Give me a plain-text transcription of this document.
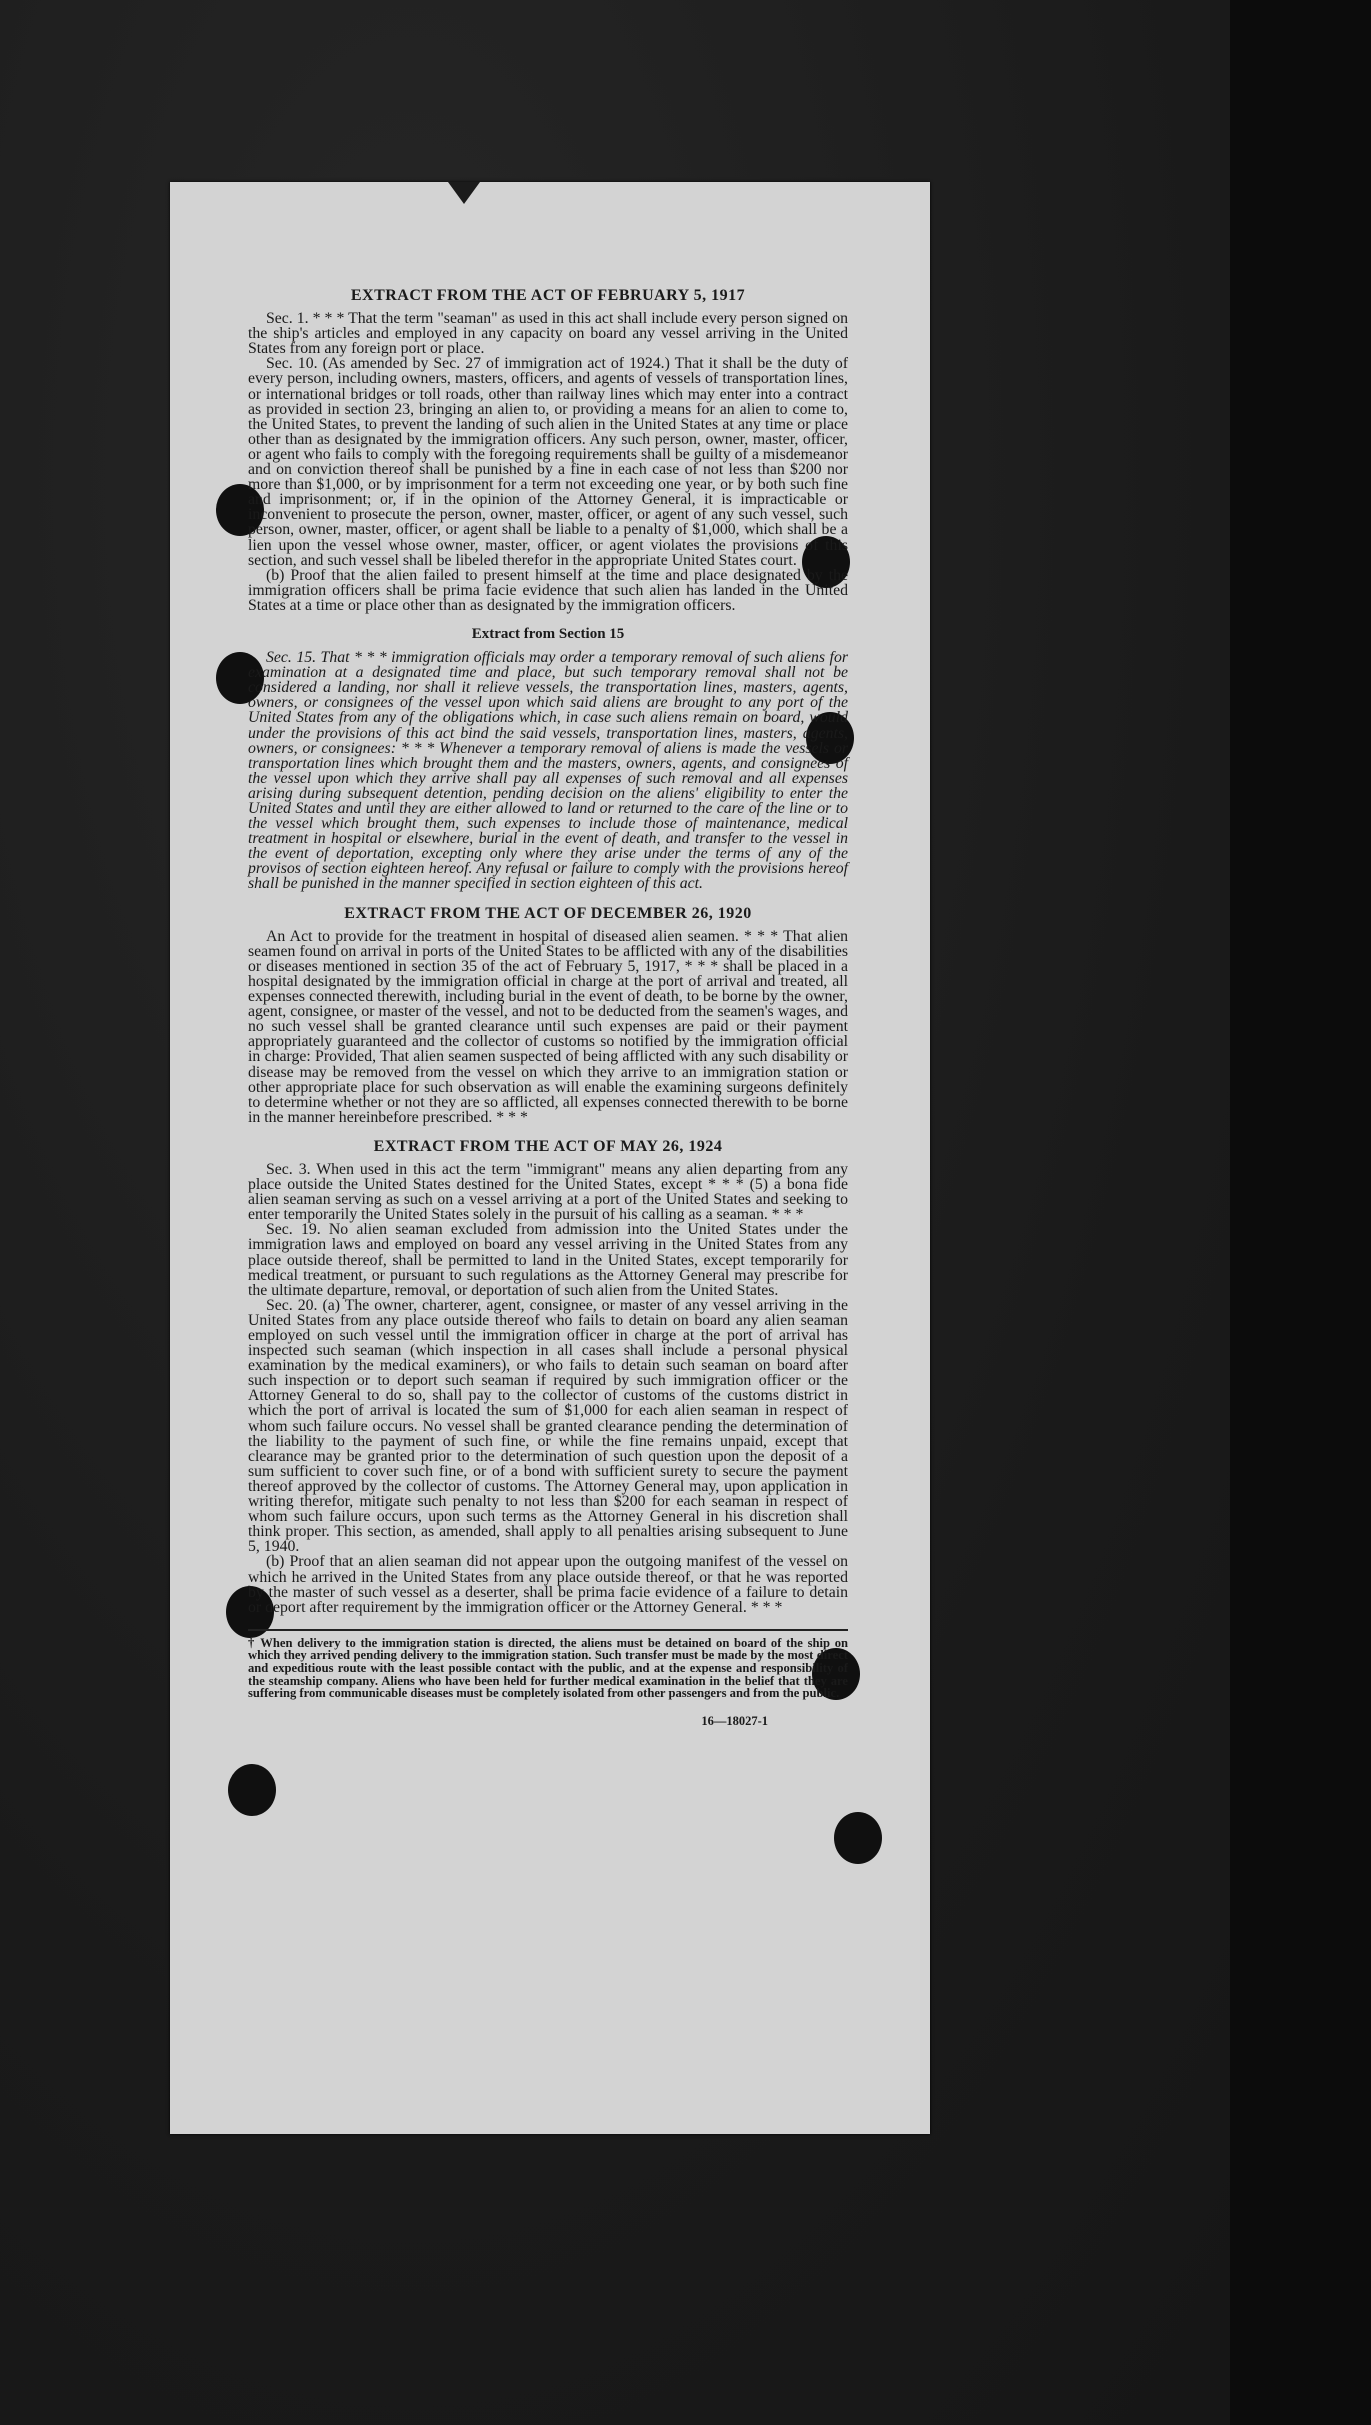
EXTRACT FROM THE ACT OF FEBRUARY 5, 1917

Sec. 1. * * * That the term "seaman" as used in this act shall include every person signed on the ship's articles and employed in any capacity on board any vessel arriving in the United States from any foreign port or place.

Sec. 10. (As amended by Sec. 27 of immigration act of 1924.) That it shall be the duty of every person, including owners, masters, officers, and agents of vessels of transportation lines, or international bridges or toll roads, other than railway lines which may enter into a contract as provided in section 23, bringing an alien to, or providing a means for an alien to come to, the United States, to prevent the landing of such alien in the United States at any time or place other than as designated by the immigration officers. Any such person, owner, master, officer, or agent who fails to comply with the foregoing requirements shall be guilty of a misdemeanor and on conviction thereof shall be punished by a fine in each case of not less than $200 nor more than $1,000, or by imprisonment for a term not exceeding one year, or by both such fine and imprisonment; or, if in the opinion of the Attorney General, it is impracticable or inconvenient to prosecute the person, owner, master, officer, or agent of any such vessel, such person, owner, master, officer, or agent shall be liable to a penalty of $1,000, which shall be a lien upon the vessel whose owner, master, officer, or agent violates the provisions of this section, and such vessel shall be libeled therefor in the appropriate United States court.

(b) Proof that the alien failed to present himself at the time and place designated by the immigration officers shall be prima facie evidence that such alien has landed in the United States at a time or place other than as designated by the immigration officers.

Extract from Section 15

Sec. 15. That * * * immigration officials may order a temporary removal of such aliens for examination at a designated time and place, but such temporary removal shall not be considered a landing, nor shall it relieve vessels, the transportation lines, masters, agents, owners, or consignees of the vessel upon which said aliens are brought to any port of the United States from any of the obligations which, in case such aliens remain on board, would under the provisions of this act bind the said vessels, transportation lines, masters, agents, owners, or consignees: * * * Whenever a temporary removal of aliens is made the vessels or transportation lines which brought them and the masters, owners, agents, and consignees of the vessel upon which they arrive shall pay all expenses of such removal and all expenses arising during subsequent detention, pending decision on the aliens' eligibility to enter the United States and until they are either allowed to land or returned to the care of the line or to the vessel which brought them, such expenses to include those of maintenance, medical treatment in hospital or elsewhere, burial in the event of death, and transfer to the vessel in the event of deportation, excepting only where they arise under the terms of any of the provisos of section eighteen hereof. Any refusal or failure to comply with the provisions hereof shall be punished in the manner specified in section eighteen of this act.

EXTRACT FROM THE ACT OF DECEMBER 26, 1920

An Act to provide for the treatment in hospital of diseased alien seamen. * * * That alien seamen found on arrival in ports of the United States to be afflicted with any of the disabilities or diseases mentioned in section 35 of the act of February 5, 1917, * * * shall be placed in a hospital designated by the immigration official in charge at the port of arrival and treated, all expenses connected therewith, including burial in the event of death, to be borne by the owner, agent, consignee, or master of the vessel, and not to be deducted from the seamen's wages, and no such vessel shall be granted clearance until such expenses are paid or their payment appropriately guaranteed and the collector of customs so notified by the immigration official in charge: Provided, That alien seamen suspected of being afflicted with any such disability or disease may be removed from the vessel on which they arrive to an immigration station or other appropriate place for such observation as will enable the examining surgeons definitely to determine whether or not they are so afflicted, all expenses connected therewith to be borne in the manner hereinbefore prescribed. * * *

EXTRACT FROM THE ACT OF MAY 26, 1924

Sec. 3. When used in this act the term "immigrant" means any alien departing from any place outside the United States destined for the United States, except * * * (5) a bona fide alien seaman serving as such on a vessel arriving at a port of the United States and seeking to enter temporarily the United States solely in the pursuit of his calling as a seaman. * * *

Sec. 19. No alien seaman excluded from admission into the United States under the immigration laws and employed on board any vessel arriving in the United States from any place outside thereof, shall be permitted to land in the United States, except temporarily for medical treatment, or pursuant to such regulations as the Attorney General may prescribe for the ultimate departure, removal, or deportation of such alien from the United States.

Sec. 20. (a) The owner, charterer, agent, consignee, or master of any vessel arriving in the United States from any place outside thereof who fails to detain on board any alien seaman employed on such vessel until the immigration officer in charge at the port of arrival has inspected such seaman (which inspection in all cases shall include a personal physical examination by the medical examiners), or who fails to detain such seaman on board after such inspection or to deport such seaman if required by such immigration officer or the Attorney General to do so, shall pay to the collector of customs of the customs district in which the port of arrival is located the sum of $1,000 for each alien seaman in respect of whom such failure occurs. No vessel shall be granted clearance pending the determination of the liability to the payment of such fine, or while the fine remains unpaid, except that clearance may be granted prior to the determination of such question upon the deposit of a sum sufficient to cover such fine, or of a bond with sufficient surety to secure the payment thereof approved by the collector of customs. The Attorney General may, upon application in writing therefor, mitigate such penalty to not less than $200 for each seaman in respect of whom such failure occurs, upon such terms as the Attorney General in his discretion shall think proper. This section, as amended, shall apply to all penalties arising subsequent to June 5, 1940.

(b) Proof that an alien seaman did not appear upon the outgoing manifest of the vessel on which he arrived in the United States from any place outside thereof, or that he was reported by the master of such vessel as a deserter, shall be prima facie evidence of a failure to detain or deport after requirement by the immigration officer or the Attorney General. * * *

† When delivery to the immigration station is directed, the aliens must be detained on board of the ship on which they arrived pending delivery to the immigration station. Such transfer must be made by the most direct and expeditious route with the least possible contact with the public, and at the expense and responsibility of the steamship company. Aliens who have been held for further medical examination in the belief that they are suffering from communicable diseases must be completely isolated from other passengers and from the public.
16—18027-1
